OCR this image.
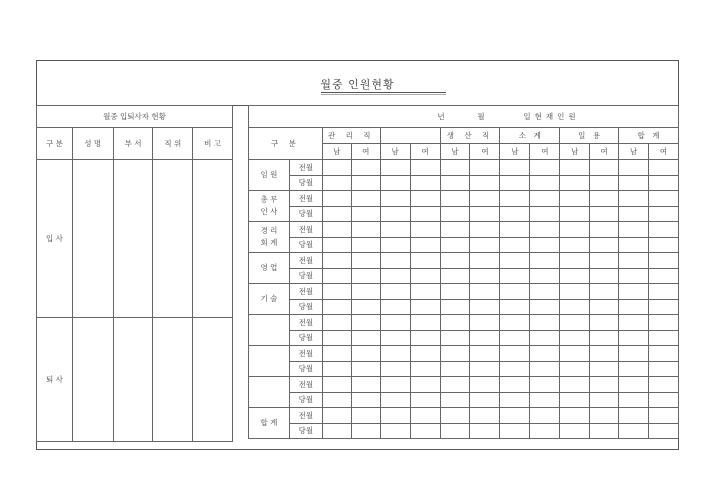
월중 인원현황
월중 입퇴사자 현황				
구 분	성 명	부 서	직 위	비 고
입 사				
퇴 사				
년 월 일현재인원													
구 분		관 리 직				생 산 직		소　계		일　용		합　계	
		남	여	남	여	남	여	남	여	남	여	남	여

임 원	전월												
	당월												

총 무
인 사	전월												
	당월												

경 리
회 계	전월												
	당월												

영 업	전월												
	당월												

기 술	전월												
	당월												

	전월												
	당월												

	전월												
	당월												

	전월												
	당월												

합 계	전월												
	당월												
